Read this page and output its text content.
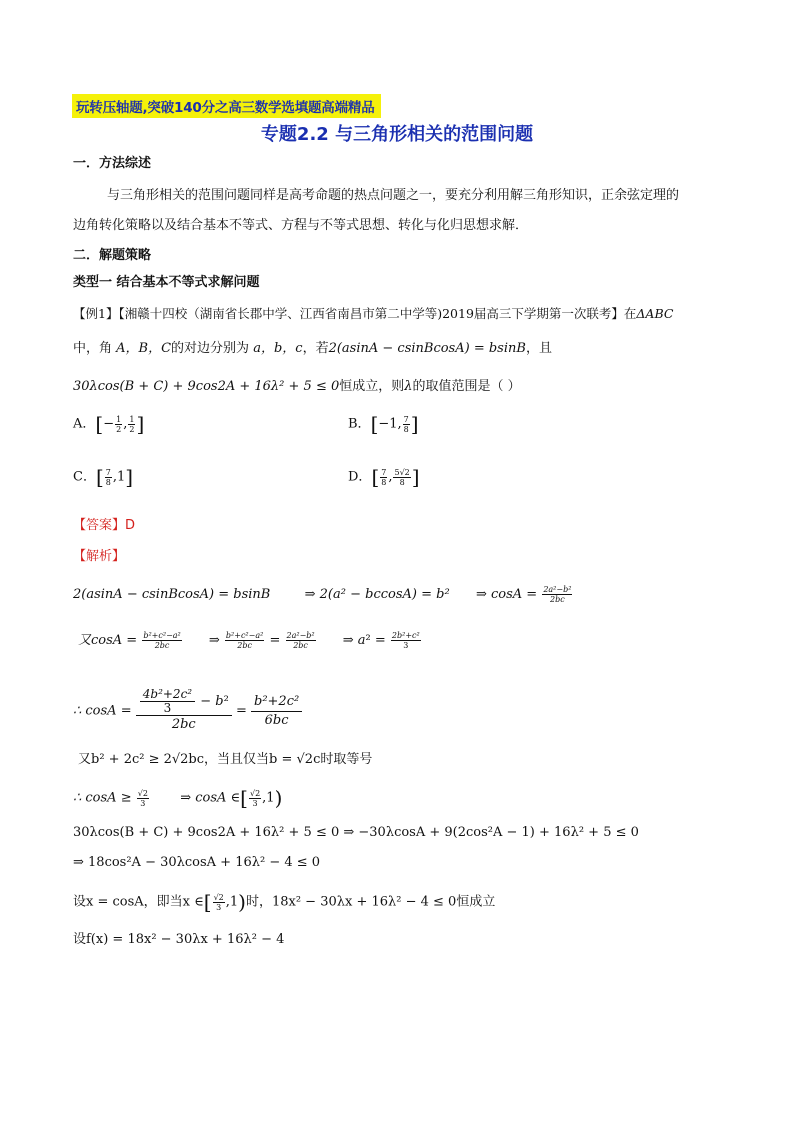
玩转压轴题,突破140分之高三数学选填题高端精品
专题2.2 与三角形相关的范围问题
一．方法综述
与三角形相关的范围问题同样是高考命题的热点问题之一，要充分利用解三角形知识，正余弦定理的
边角转化策略以及结合基本不等式、方程与不等式思想、转化与化归思想求解．
二．解题策略
类型一 结合基本不等式求解问题
【例1】【湘赣十四校（湖南省长郡中学、江西省南昌市第二中学等)2019届高三下学期第一次联考】在ΔABC
中，角 A，B，C的对边分别为 a，b，c，若2(asinA − csinBcosA) = bsinB，且
30λcos(B + C) + 9cos2A + 16λ² + 5 ≤ 0恒成立，则λ的取值范围是（ ）
A．[− $\frac{1}{2}$ , $\frac{1}{2}$ ]	B．[−1, $\frac{7}{8}$ ]
C．[ $\frac{7}{8} ,1$]	D．[ $\frac{7}{8}$ , $\frac{5√2}{8}$ ]
【答案】D
【解析】
2(asinA − csinBcosA) = bsinB	⇒ 2(a² − bccosA) = b² ⇒ $\cos A = \frac{\text{2a²−b²}}{2bc}$
又$\cos A = \frac{\text{b²+c²−a²}}{2bc}$ ⇒ $\frac{\text{b²+c²−a²}}{2bc} = \frac{\text{2a²−b²}}{2bc}$ ⇒ $a^2 = \frac{\text{2b²+c²}}{3}$
∴ $\cos A = \frac{\frac{\text{4b²+2c²}}{3} - b^2}{2bc} = \frac{\text{b²+2c²}}{6bc}$
又b² + 2c² ≥ 2√2bc，当且仅当b = √2c时取等号
∴ $\cos A \ge \frac{√2}{3}$ ⇒ cosA ∈[ $\frac{√2}{3} ,1$)
30λcos(B + C) + 9cos2A + 16λ² + 5 ≤ 0 ⇒ −30λcosA + 9(2cos²A − 1) + 16λ² + 5 ≤ 0
⇒ 18cos²A − 30λcosA + 16λ² − 4 ≤ 0
设x = cosA，即当x ∈[ $\frac{√2}{3} ,1$)时，18x² − 30λx + 16λ² − 4 ≤ 0恒成立
设f(x) = 18x² − 30λx + 16λ² − 4
